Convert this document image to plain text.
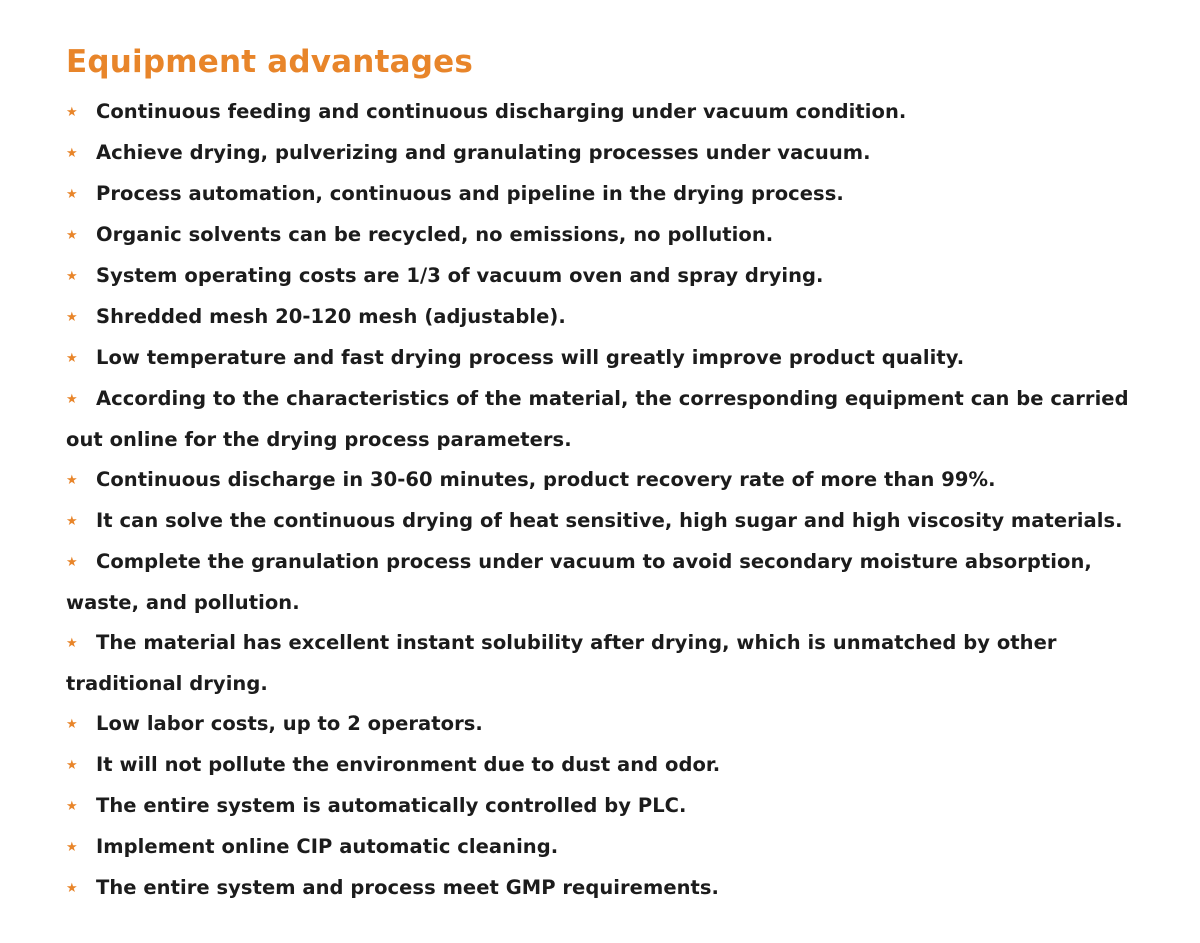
Equipment advantages
★ Continuous feeding and continuous discharging under vacuum condition.
★ Achieve drying, pulverizing and granulating processes under vacuum.
★ Process automation, continuous and pipeline in the drying process.
★ Organic solvents can be recycled, no emissions, no pollution.
★ System operating costs are 1/3 of vacuum oven and spray drying.
★ Shredded mesh 20-120 mesh (adjustable).
★ Low temperature and fast drying process will greatly improve product quality.
★ According to the characteristics of the material, the corresponding equipment can be carried out online for the drying process parameters.
★ Continuous discharge in 30-60 minutes, product recovery rate of more than 99%.
★ It can solve the continuous drying of heat sensitive, high sugar and high viscosity materials.
★ Complete the granulation process under vacuum to avoid secondary moisture absorption, waste, and pollution.
★ The material has excellent instant solubility after drying, which is unmatched by other traditional drying.
★ Low labor costs, up to 2 operators.
★ It will not pollute the environment due to dust and odor.
★ The entire system is automatically controlled by PLC.
★ Implement online CIP automatic cleaning.
★ The entire system and process meet GMP requirements.
